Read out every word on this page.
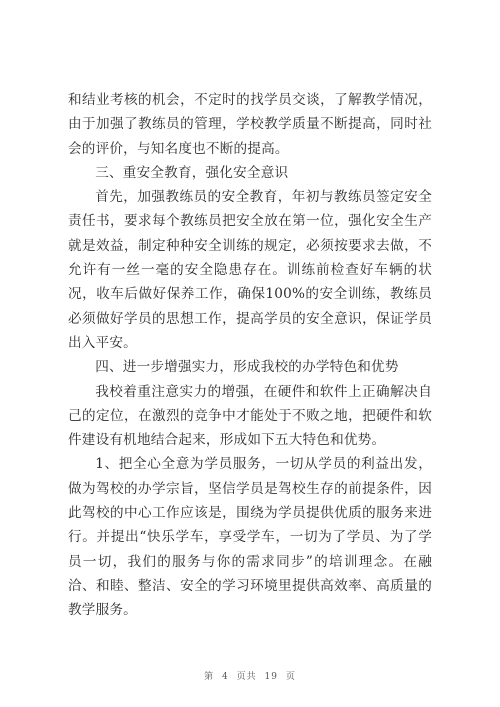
和结业考核的机会，不定时的找学员交谈，了解教学情况，由于加强了教练员的管理，学校教学质量不断提高，同时社会的评价，与知名度也不断的提高。

三、重安全教育，强化安全意识

首先，加强教练员的安全教育，年初与教练员签定安全责任书，要求每个教练员把安全放在第一位，强化安全生产就是效益，制定种种安全训练的规定，必须按要求去做，不允许有一丝一毫的安全隐患存在。训练前检查好车辆的状况，收车后做好保养工作，确保100%的安全训练，教练员必须做好学员的思想工作，提高学员的安全意识，保证学员出入平安。

四、进一步增强实力，形成我校的办学特色和优势

我校着重注意实力的增强，在硬件和软件上正确解决自己的定位，在激烈的竞争中才能处于不败之地，把硬件和软件建设有机地结合起来，形成如下五大特色和优势。

1、把全心全意为学员服务，一切从学员的利益出发，做为驾校的办学宗旨，坚信学员是驾校生存的前提条件，因此驾校的中心工作应该是，围绕为学员提供优质的服务来进行。并提出“快乐学车，享受学车，一切为了学员、为了学员一切，我们的服务与你的需求同步”的培训理念。在融洽、和睦、整洁、安全的学习环境里提供高效率、高质量的教学服务。

第 4 页共 19 页
